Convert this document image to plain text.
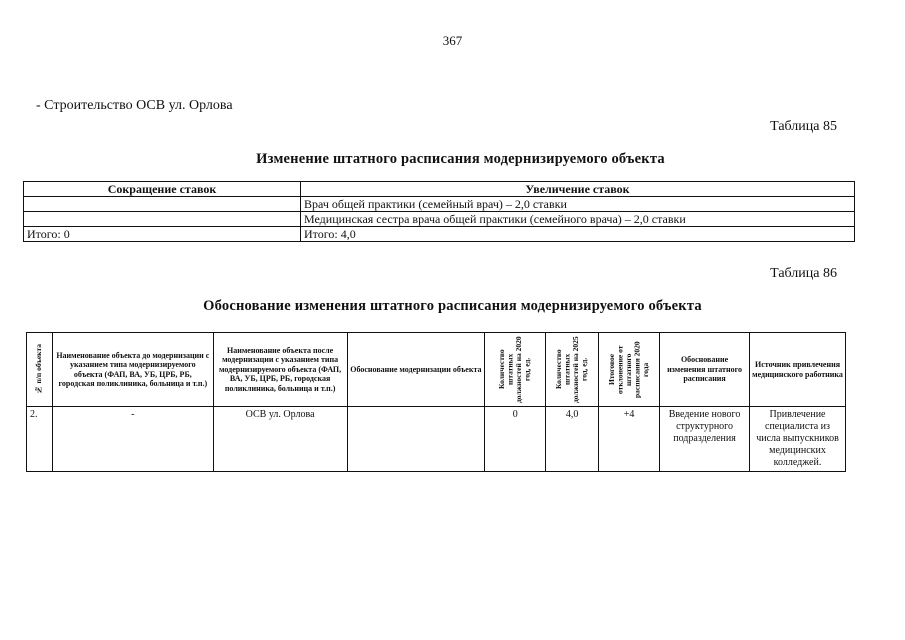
367
- Строительство ОСВ ул. Орлова
Таблица 85
Изменение штатного расписания модернизируемого объекта
Сокращение ставок	Увеличение ставок
	Врач общей практики (семейный врач) – 2,0 ставки
	Медицинская сестра врача общей практики (семейного врача) – 2,0 ставки
Итого: 0	Итого: 4,0
Таблица 86
Обоснование изменения штатного расписания модернизируемого объекта
№ п/п объекта	Наименование объекта до модернизации с указанием типа модернизируемого объекта (ФАП, ВА, УБ, ЦРБ, РБ, городская поликлиника, больница и т.п.)	Наименование объекта после модернизации с указанием типа модернизируемого объекта (ФАП, ВА, УБ, ЦРБ, РБ, городская поликлиника, больница и т.п.)	Обоснование модернизации объекта	Количество штатных должностей на 2020 год, ед.	Количество штатных должностей на 2025 год, ед.	Итоговое отклонение от штатного расписания 2020 года	Обоснование изменения штатного расписания	Источник привлечения медицинского работника
2.	-	ОСВ ул. Орлова		0	4,0	+4	Введение нового структурного подразделения	Привлечение специалиста из числа выпускников медицинских колледжей.
